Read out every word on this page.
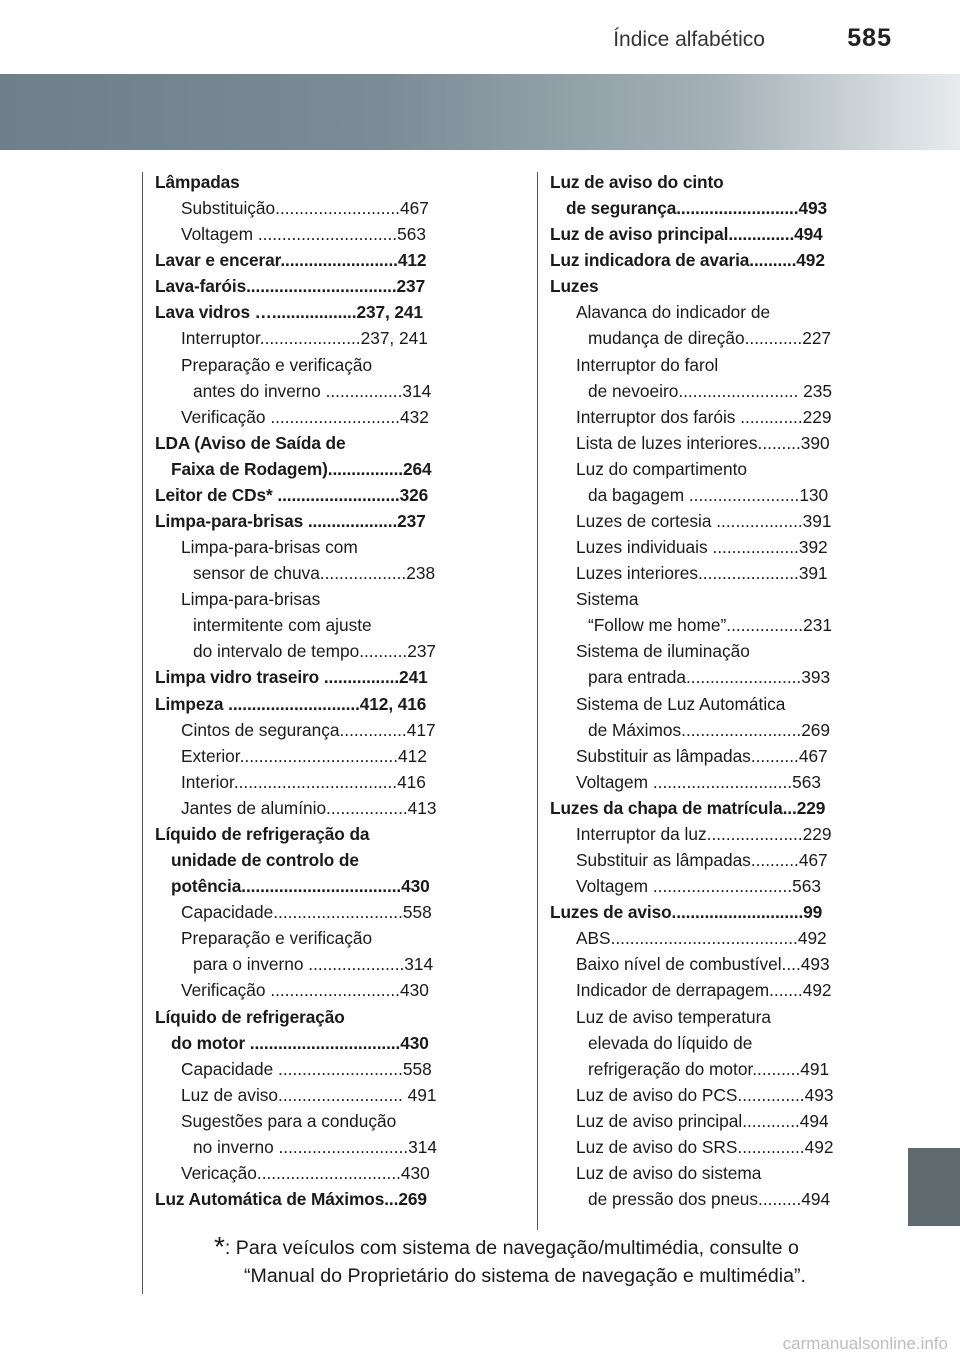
Índice alfabético	585
Lâmpadas
Substituição..........................467
Voltagem .............................563
Lavar e encerar.........................412
Lava-faróis................................237
Lava vidros …..................237, 241
Interruptor.....................237, 241
Preparação e verificação
antes do inverno ................314
Verificação ...........................432
LDA (Aviso de Saída de
Faixa de Rodagem)................264
Leitor de CDs* ..........................326
Limpa-para-brisas ...................237
Limpa-para-brisas com
sensor de chuva..................238
Limpa-para-brisas
intermitente com ajuste
do intervalo de tempo..........237
Limpa vidro traseiro ................241
Limpeza ............................412, 416
Cintos de segurança..............417
Exterior.................................412
Interior..................................416
Jantes de alumínio.................413
Líquido de refrigeração da
unidade de controlo de
potência..................................430
Capacidade...........................558
Preparação e verificação
para o inverno ....................314
Verificação ...........................430
Líquido de refrigeração
do motor ................................430
Capacidade ..........................558
Luz de aviso.......................... 491
Sugestões para a condução
no inverno ...........................314
Vericação..............................430
Luz Automática de Máximos...269
Luz de aviso do cinto
de segurança..........................493
Luz de aviso principal..............494
Luz indicadora de avaria..........492
Luzes
Alavanca do indicador de
mudança de direção............227
Interruptor do farol
de nevoeiro......................... 235
Interruptor dos faróis .............229
Lista de luzes interiores.........390
Luz do compartimento
da bagagem .......................130
Luzes de cortesia ..................391
Luzes individuais ..................392
Luzes interiores.....................391
Sistema
“Follow me home”................231
Sistema de iluminação
para entrada........................393
Sistema de Luz Automática
de Máximos.........................269
Substituir as lâmpadas..........467
Voltagem .............................563
Luzes da chapa de matrícula...229
Interruptor da luz....................229
Substituir as lâmpadas..........467
Voltagem .............................563
Luzes de aviso............................99
ABS.......................................492
Baixo nível de combustível....493
Indicador de derrapagem.......492
Luz de aviso temperatura
elevada do líquido de
refrigeração do motor..........491
Luz de aviso do PCS..............493
Luz de aviso principal............494
Luz de aviso do SRS..............492
Luz de aviso do sistema
de pressão dos pneus.........494
*: Para veículos com sistema de navegação/multimédia, consulte o
“Manual do Proprietário do sistema de navegação e multimédia”.
carmanualsonline.info
